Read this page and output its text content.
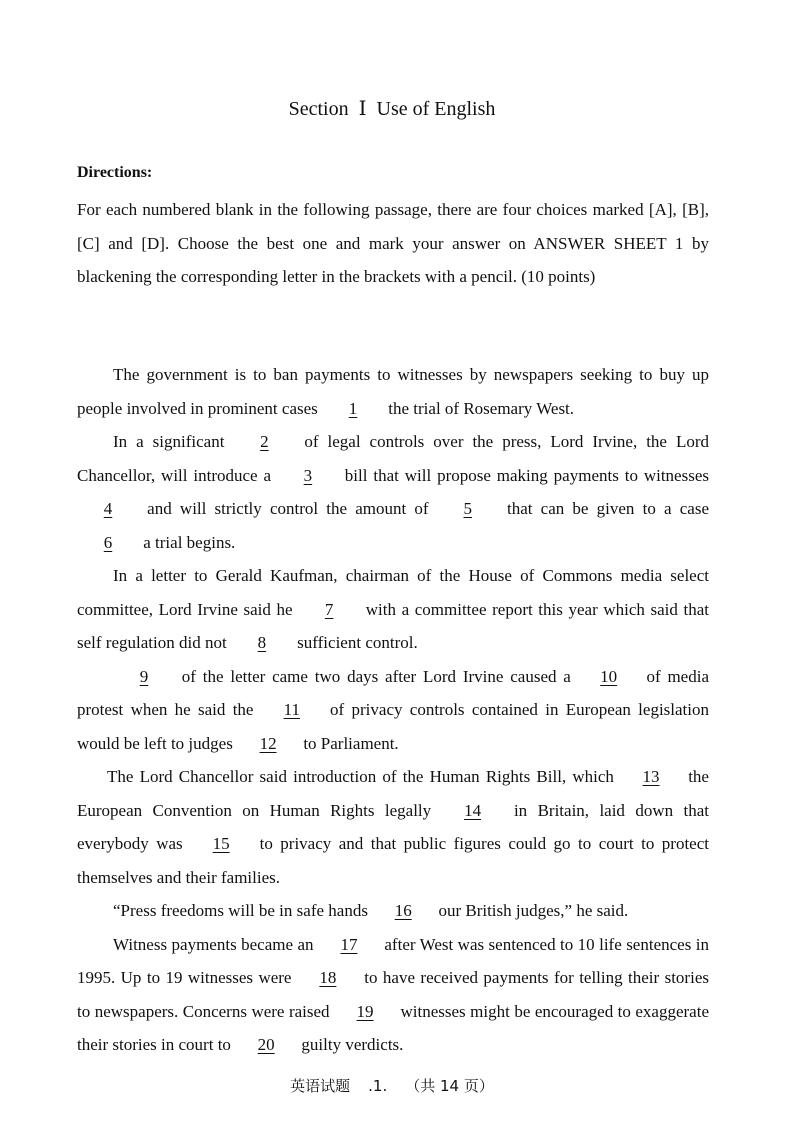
Section Ⅰ Use of English
Directions:
For each numbered blank in the following passage, there are four choices marked [A], [B], [C] and [D]. Choose the best one and mark your answer on ANSWER SHEET 1 by blackening the corresponding letter in the brackets with a pencil. (10 points)

The government is to ban payments to witnesses by newspapers seeking to buy up people involved in prominent cases 1 the trial of Rosemary West.

In a significant 2 of legal controls over the press, Lord Irvine, the Lord Chancellor, will introduce a 3 bill that will propose making payments to witnesses 4 and will strictly control the amount of 5 that can be given to a case 6 a trial begins.

In a letter to Gerald Kaufman, chairman of the House of Commons media select committee, Lord Irvine said he 7 with a committee report this year which said that self regulation did not 8 sufficient control.

9 of the letter came two days after Lord Irvine caused a 10 of media protest when he said the 11 of privacy controls contained in European legislation would be left to judges 12 to Parliament.

The Lord Chancellor said introduction of the Human Rights Bill, which 13 the European Convention on Human Rights legally 14 in Britain, laid down that everybody was 15 to privacy and that public figures could go to court to protect themselves and their families.

“Press freedoms will be in safe hands 16 our British judges,” he said.

Witness payments became an 17 after West was sentenced to 10 life sentences in 1995. Up to 19 witnesses were 18 to have received payments for telling their stories to newspapers. Concerns were raised 19 witnesses might be encouraged to exaggerate their stories in court to 20 guilty verdicts.

英语试题 .1. （共 14 页）
